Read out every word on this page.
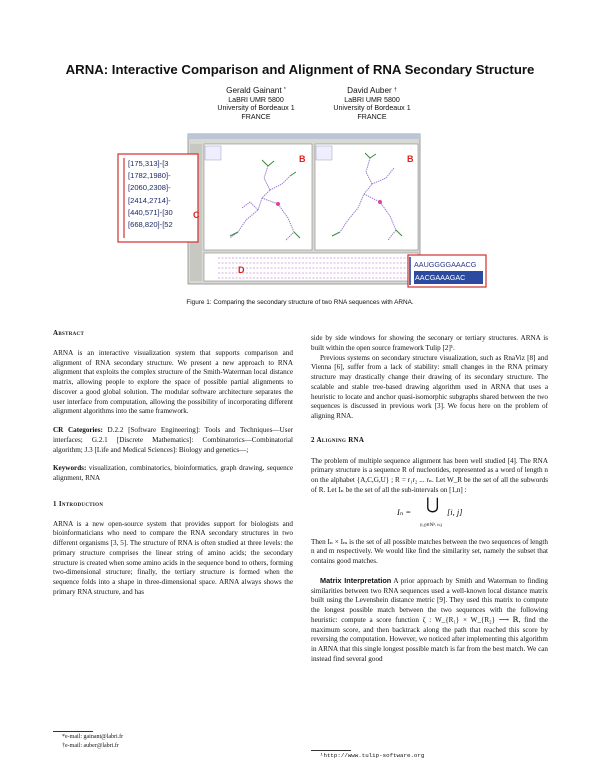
ARNA: Interactive Comparison and Alignment of RNA Secondary Structure
Gerald Gainant *
LaBRI UMR 5800
University of Bordeaux 1
FRANCE
David Auber †
LaBRI UMR 5800
University of Bordeaux 1
FRANCE
[175,313]-[3
[1782,1980]-
[2060,2308]-
[2414,2714]-
[440,571]-[30
[668,820]-[52
AAUGGGGAAACG
AACGAAAGAC
B	B
C
D
Figure 1: Comparing the secondary structure of two RNA sequences with ARNA.
Abstract

ARNA is an interactive visualization system that supports comparison and alignment of RNA secondary structure. We present a new approach to RNA alignment that exploits the complex structure of the Smith-Waterman local distance matrix, allowing people to explore the space of possible partial alignments to discover a good global solution. The modular software architecture separates the user interface from computation, allowing the possibility of incorporating different alignment algorithms into the same framework.

CR Categories: D.2.2 [Software Engineering]: Tools and Techniques—User interfaces; G.2.1 [Discrete Mathematics]: Combinatorics—Combinatorial algorithm; J.3 [Life and Medical Sciences]: Biology and genetics—;

Keywords: visualization, combinatorics, bioinformatics, graph drawing, sequence alignment, RNA

1 Introduction

ARNA is a new open-source system that provides support for biologists and bioinformaticians who need to compare the RNA secondary structures in two different organisms [3, 5]. The structure of RNA is often studied at three levels: the primary structure comprises the linear string of amino acids; the secondary structure is created when some amino acids in the sequence bond to others, forming two-dimensional structure; finally, the tertiary structure is formed when the sequence folds into a shape in three-dimensional space. ARNA always shows the primary RNA structure, and has

*e-mail: gainant@labri.fr
†e-mail: auber@labri.fr

side by side windows for showing the seconary or tertiary structures. ARNA is built within the open source framework Tulip [2]¹.

Previous systems on secondary structure visualization, such as RnaViz [8] and Vienna [6], suffer from a lack of stability: small changes in the RNA primary structure may drastically change their drawing of its secondary structure. The scalable and stable tree-based drawing algorithm used in ARNA that uses a heuristic to locate and anchor quasi-isomorphic subgraphs shared between the two sequences is discussed in previous work [3]. We focus here on the problem of aligning RNA.

2 Aligning RNA

The problem of multiple sequence alignment has been well studied [4]. The RNA primary structure is a sequence R of nucleotides, represented as a word of length n on the alphabet {A,C,G,U} ; R = r₁r₂ ... rₙ. Let W_R be the set of all the subwords of R. Let Iₙ be the set of all the sub-intervals on [1,n] :

Iₙ = ⋃
(i,j)∈ℕ², i≤j
[i, j]

Then Iₙ × Iₘ is the set of all possible matches between the two sequences of length n and m respectively. We would like find the similarity set, namely the subset that contains good matches.

Matrix Interpretation A prior approach by Smith and Waterman to finding similarities between two RNA sequences used a well-known local distance matrix built using the Levenshein distance metric [9]. They used this matrix to compute the longest possible match between the two sequences with the following heuristic: compute a score function ζ : W_{R₁} × W_{R₂} ⟶ ℝ, find the maximum score, and then backtrack along the path that reached this score by reversing the computation. However, we noticed after implementing this algorithm in ARNA that this single longest possible match is far from the best match. We can instead find several good

¹http://www.tulip-software.org
